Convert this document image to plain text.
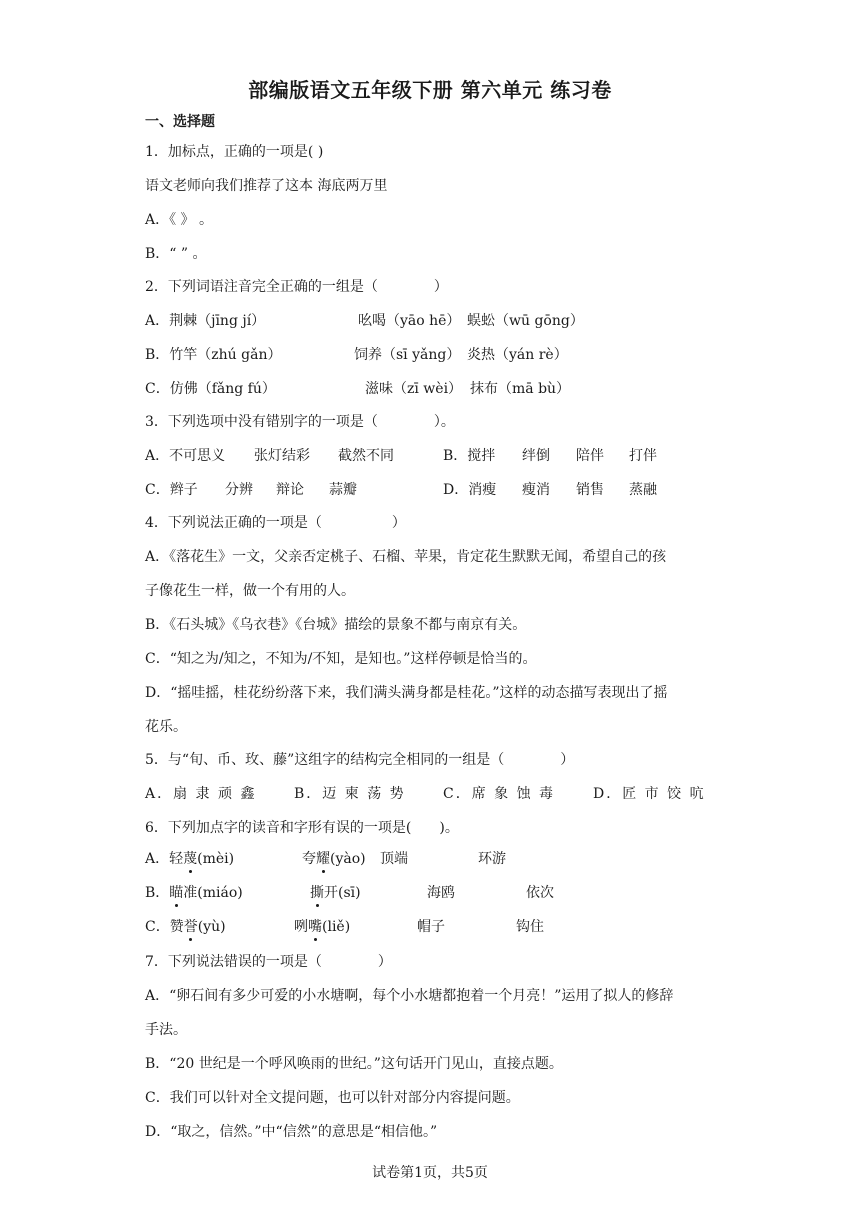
部编版语文五年级下册 第六单元 练习卷
一、选择题
1．加标点，正确的一项是( )
语文老师向我们推荐了这本 海底两万里
A．《 》 。
B．“ ” 。
2．下列词语注音完全正确的一组是（　　　　）
A．荆棘（jīng jí）	吆喝（yāo hē） 蜈蚣（wū gōng）
B．竹竿（zhú gǎn）	饲养（sī yǎng） 炎热（yán rè）
C．仿佛（fǎng fú）	滋味（zī wèi） 抹布（mā bù）
3．下列选项中没有错别字的一项是（　　　　）。
A．不可思义 张灯结彩 截然不同	B．搅拌 绊倒 陪伴 打伴
C．辫子 分辨 辩论 蒜瓣	D．消瘦 瘦消 销售 蒸融
4．下列说法正确的一项是（　　　　　）
A．《落花生》一文，父亲否定桃子、石榴、苹果，肯定花生默默无闻，希望自己的孩
子像花生一样，做一个有用的人。
B．《石头城》《乌衣巷》《台城》描绘的景象不都与南京有关。
C．“知之为/知之，不知为/不知，是知也。”这样停顿是恰当的。
D．“摇哇摇，桂花纷纷落下来，我们满头满身都是桂花。”这样的动态描写表现出了摇
花乐。
5．与“旬、币、玫、藤”这组字的结构完全相同的一组是（　　　　）
A．扇 隶 顽 鑫	B．迈 柬 荡 势	C．席 象 蚀 毒	D．匠 市 饺 吭
6．下列加点字的读音和字形有误的一项是(　　)。
A．轻蔑(mèi)	夸耀(yào) 顶端	环游
B．瞄准(miáo)	撕开(sī)	海鸥	依次
C．赞誉(yù)	咧嘴(liě)	帽子	钩住
7．下列说法错误的一项是（　　　　）
A．“卵石间有多少可爱的小水塘啊，每个小水塘都抱着一个月亮！”运用了拟人的修辞
手法。
B．“20 世纪是一个呼风唤雨的世纪。”这句话开门见山，直接点题。
C．我们可以针对全文提问题，也可以针对部分内容提问题。
D．“取之，信然。”中“信然”的意思是“相信他。”
试卷第1页，共5页
